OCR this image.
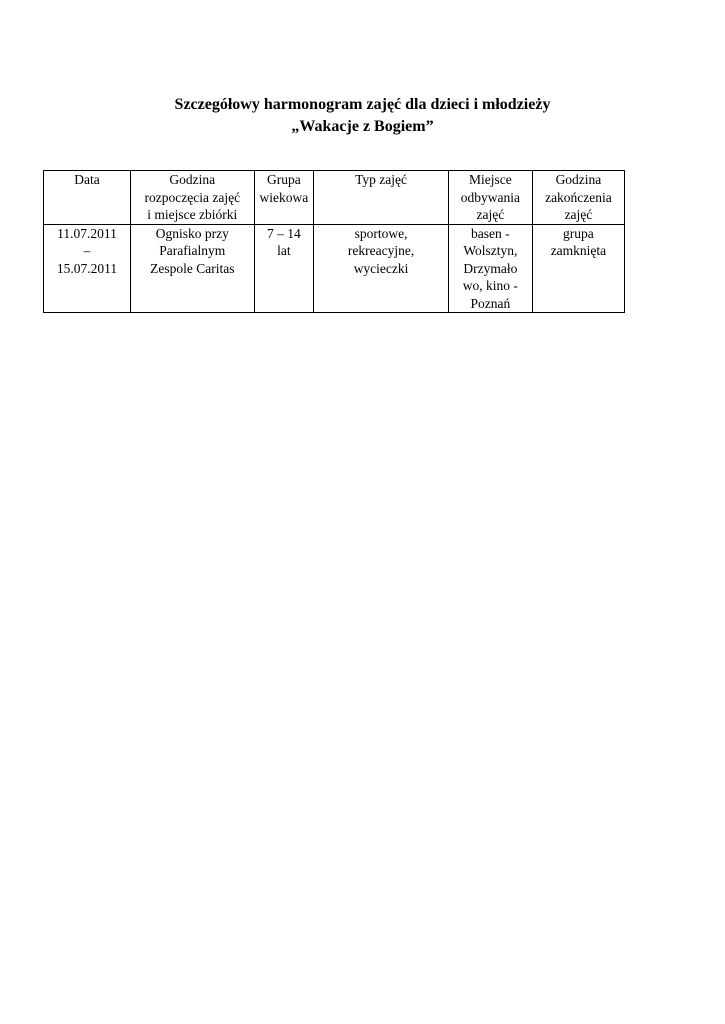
Szczegółowy harmonogram zajęć dla dzieci i młodzieży
„Wakacje z Bogiem”
Data	Godzina
rozpoczęcia zajęć
i miejsce zbiórki	Grupa
wiekowa	Typ zajęć	Miejsce
odbywania
zajęć	Godzina
zakończenia
zajęć

11.07.2011
–
15.07.2011	Ognisko przy
Parafialnym
Zespole Caritas	7 – 14
lat	sportowe,
rekreacyjne,
wycieczki	basen -
Wolsztyn,
Drzymało
wo, kino -
Poznań	grupa
zamknięta
